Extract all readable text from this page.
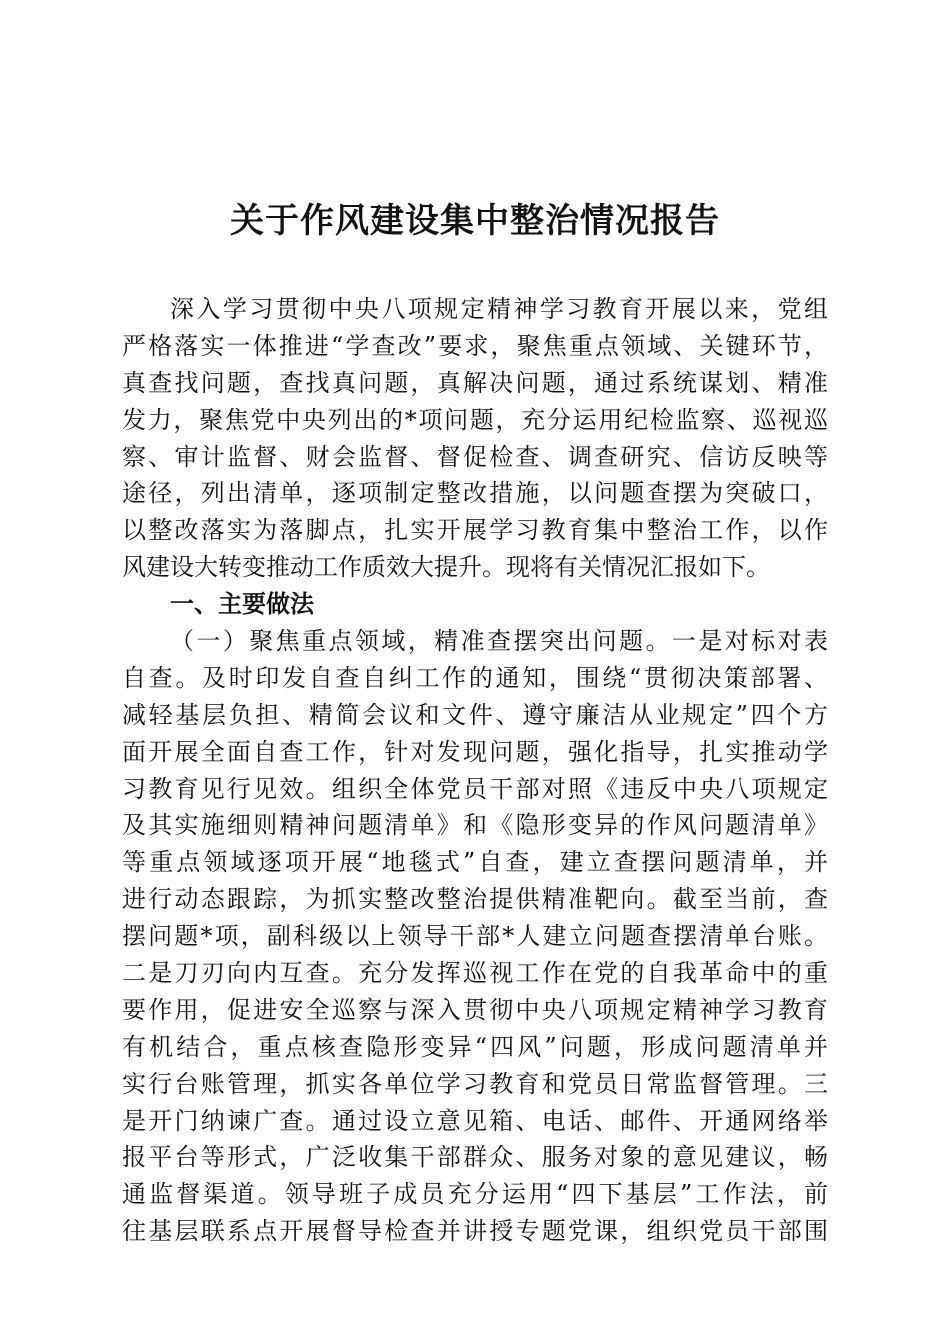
关于作风建设集中整治情况报告
深入学习贯彻中央八项规定精神学习教育开展以来，党组
严格落实一体推进“学查改”要求，聚焦重点领域、关键环节，
真查找问题，查找真问题，真解决问题，通过系统谋划、精准
发力，聚焦党中央列出的*项问题，充分运用纪检监察、巡视巡
察、审计监督、财会监督、督促检查、调查研究、信访反映等
途径，列出清单，逐项制定整改措施，以问题查摆为突破口，
以整改落实为落脚点，扎实开展学习教育集中整治工作，以作
风建设大转变推动工作质效大提升。现将有关情况汇报如下。
一、主要做法
（一）聚焦重点领域，精准查摆突出问题。一是对标对表
自查。及时印发自查自纠工作的通知，围绕“贯彻决策部署、
减轻基层负担、精简会议和文件、遵守廉洁从业规定”四个方
面开展全面自查工作，针对发现问题，强化指导，扎实推动学
习教育见行见效。组织全体党员干部对照《违反中央八项规定
及其实施细则精神问题清单》和《隐形变异的作风问题清单》
等重点领域逐项开展“地毯式”自查，建立查摆问题清单，并
进行动态跟踪，为抓实整改整治提供精准靶向。截至当前，查
摆问题*项，副科级以上领导干部*人建立问题查摆清单台账。
二是刀刃向内互查。充分发挥巡视工作在党的自我革命中的重
要作用，促进安全巡察与深入贯彻中央八项规定精神学习教育
有机结合，重点核查隐形变异“四风”问题，形成问题清单并
实行台账管理，抓实各单位学习教育和党员日常监督管理。三
是开门纳谏广查。通过设立意见箱、电话、邮件、开通网络举
报平台等形式，广泛收集干部群众、服务对象的意见建议，畅
通监督渠道。领导班子成员充分运用“四下基层”工作法，前
往基层联系点开展督导检查并讲授专题党课，组织党员干部围
